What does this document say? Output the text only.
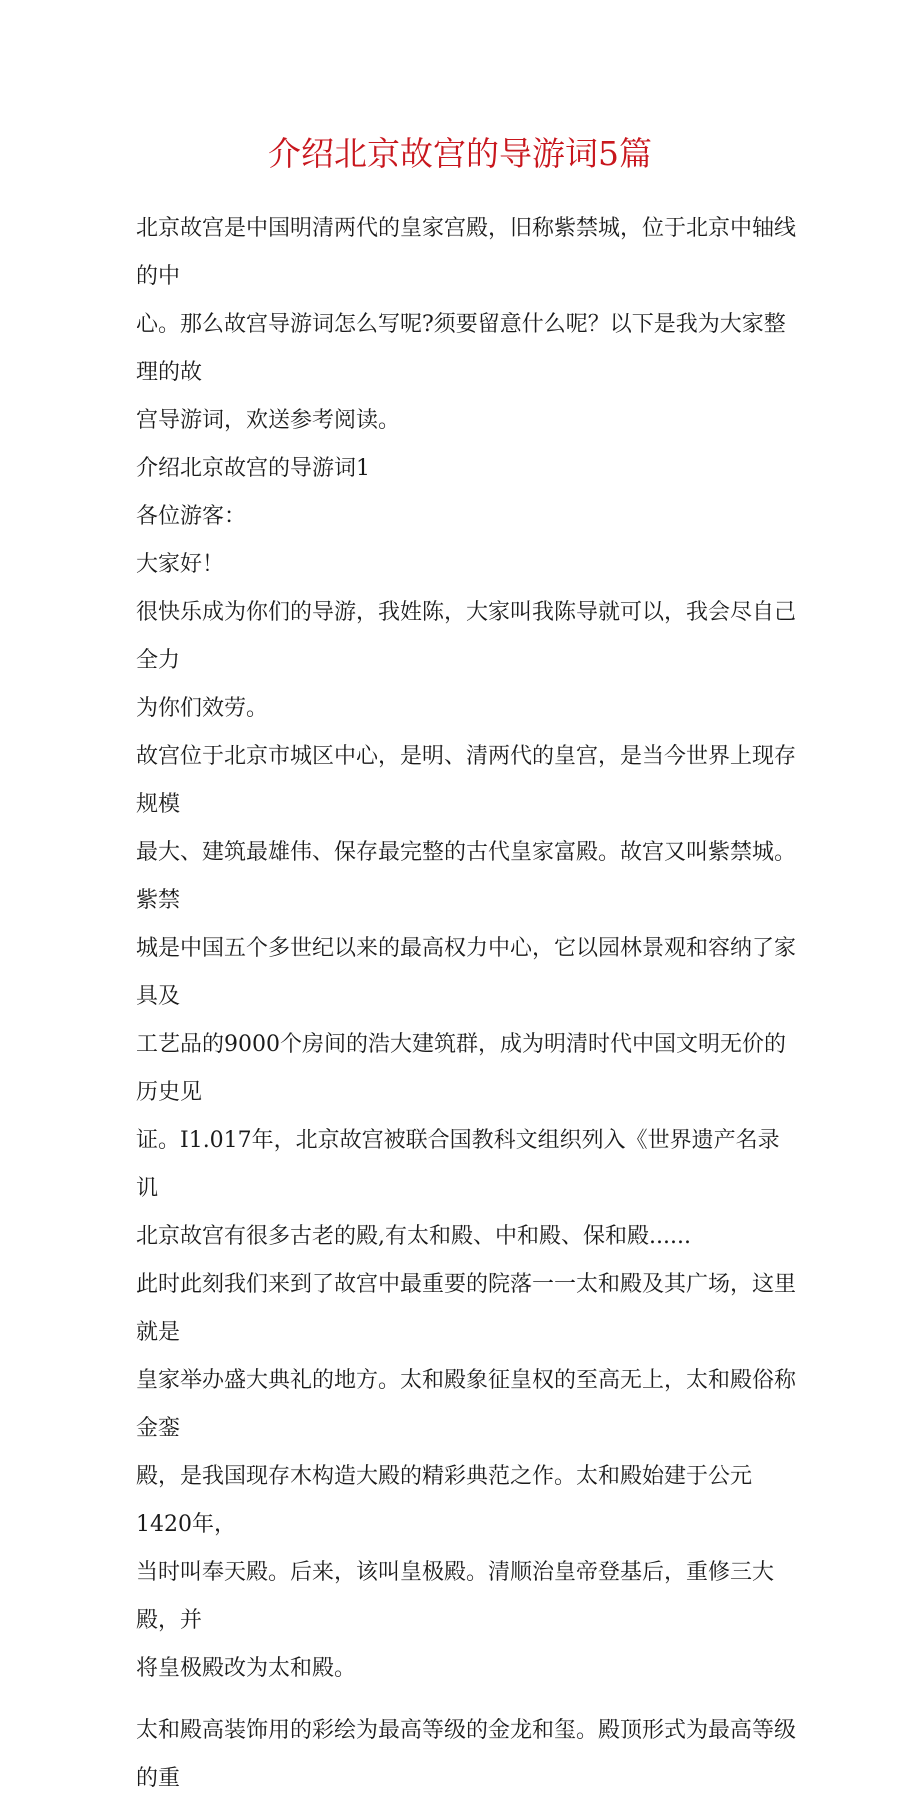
介绍北京故宫的导游词5篇

北京故宫是中国明清两代的皇家宫殿，旧称紫禁城，位于北京中轴线的中

心。那么故宫导游词怎么写呢?须要留意什么呢？以下是我为大家整理的故

宫导游词，欢送参考阅读。

介绍北京故宫的导游词1

各位游客：

大家好！

很快乐成为你们的导游，我姓陈，大家叫我陈导就可以，我会尽自己全力

为你们效劳。

故宫位于北京市城区中心，是明、清两代的皇宫，是当今世界上现存规模

最大、建筑最雄伟、保存最完整的古代皇家富殿。故宫又叫紫禁城。紫禁

城是中国五个多世纪以来的最高权力中心，它以园林景观和容纳了家具及

工艺品的9000个房间的浩大建筑群，成为明清时代中国文明无价的历史见

证。I1.017年，北京故宫被联合国教科文组织列入《世界遗产名录讥

北京故宫有很多古老的殿,有太和殿、中和殿、保和殿......

此时此刻我们来到了故宫中最重要的院落一一太和殿及其广场，这里就是

皇家举办盛大典礼的地方。太和殿象征皇权的至高无上，太和殿俗称金銮

殿，是我国现存木构造大殿的精彩典范之作。太和殿始建于公元1420年，

当时叫奉天殿。后来，该叫皇极殿。清顺治皇帝登基后，重修三大殿，并

将皇极殿改为太和殿。

太和殿高装饰用的彩绘为最高等级的金龙和玺。殿顶形式为最高等级的重
